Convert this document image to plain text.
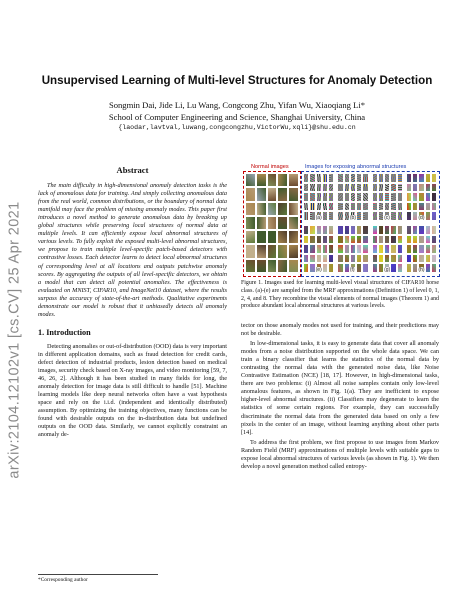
arXiv:2104.12102v1 [cs.CV] 25 Apr 2021
Unsupervised Learning of Multi-level Structures for Anomaly Detection
Songmin Dai, Jide Li, Lu Wang, Congcong Zhu, Yifan Wu, Xiaoqiang Li*
School of Computer Engineering and Science, Shanghai University, China
{laodar,lavtval,luwang,congcongzhu,VictorWu,xqli}@shu.edu.cn
Abstract

The main difficulty in high-dimensional anomaly detection tasks is the lack of anomalous data for training. And simply collecting anomalous data from the real world, common distributions, or the boundary of normal data manifold may face the problem of missing anomaly modes. This paper first introduces a novel method to generate anomalous data by breaking up global structures while preserving local structures of normal data at multiple levels. It can efficiently expose local abnormal structures of various levels. To fully exploit the exposed multi-level abnormal structures, we propose to train multiple level-specific patch-based detectors with contrastive losses. Each detector learns to detect local abnormal structures of corresponding level at all locations and outputs patchwise anomaly scores. By aggregating the outputs of all level-specific detectors, we obtain a model that can detect all potential anomalies. The effectiveness is evaluated on MNIST, CIFAR10, and ImageNet10 dataset, where the results surpass the accuracy of state-of-the-art methods. Qualitative experiments demonstrate our model is robust that it unbiasedly detects all anomaly modes.

1. Introduction

Detecting anomalies or out-of-distribution (OOD) data is very important in different application domains, such as fraud detection for credit cards, defect detection of industrial products, lesion detection based on medical images, security check based on X-ray images, and video monitoring [59, 7, 46, 26, 2]. Although it has been studied in many fields for long, the anomaly detection for image data is still difficult to handle [51]. Machine learning models like deep neural networks often have a vast hypothesis space and rely on the i.i.d. (independent and identically distributed) assumption. By optimizing the training objectives, many functions can be found with desirable outputs on the in-distribution data but undefined outputs on the OOD data. Similarly, we cannot explicitly constraint an anomaly de-

*Corresponding author
Normal images	Images for exposing abnormal structures
(a)	(b)	(c)	(d)
(e)	(f)	(g)	(h)
Figure 1. Images used for learning multi-level visual structures of CIFAR10 horse class. (a)-(e) are sampled from the MRF approximations (Definition 1) of level 0, 1, 2, 4, and 8. They recombine the visual elements of normal images (Theorem 1) and produce abundant local abnormal structures at various levels.

tector on those anomaly modes not used for training, and their predictions may not be desirable.

In low-dimensional tasks, it is easy to generate data that cover all anomaly modes from a noise distribution supported on the whole data space. We can train a binary classifier that learns the statistics of the normal data by contrasting the normal data with the generated noise data, like Noise Contrastive Estimation (NCE) [18, 17]. However, in high-dimensional tasks, there are two problems: (i) Almost all noise samples contain only low-level anomalous features, as shown in Fig. 1(a). They are inefficient to expose higher-level abnormal structures. (ii) Classifiers may degenerate to learn the statistics of some certain regions. For example, they can successfully discriminate the normal data from the generated data based on only a few pixels in the center of an image, without learning anything about other parts [14].

To address the first problem, we first propose to use images from Markov Random Field (MRF) approximations of multiple levels with suitable gaps to expose local abnormal structures of various levels (as shown in Fig. 1). We then develop a novel generation method called entropy-
